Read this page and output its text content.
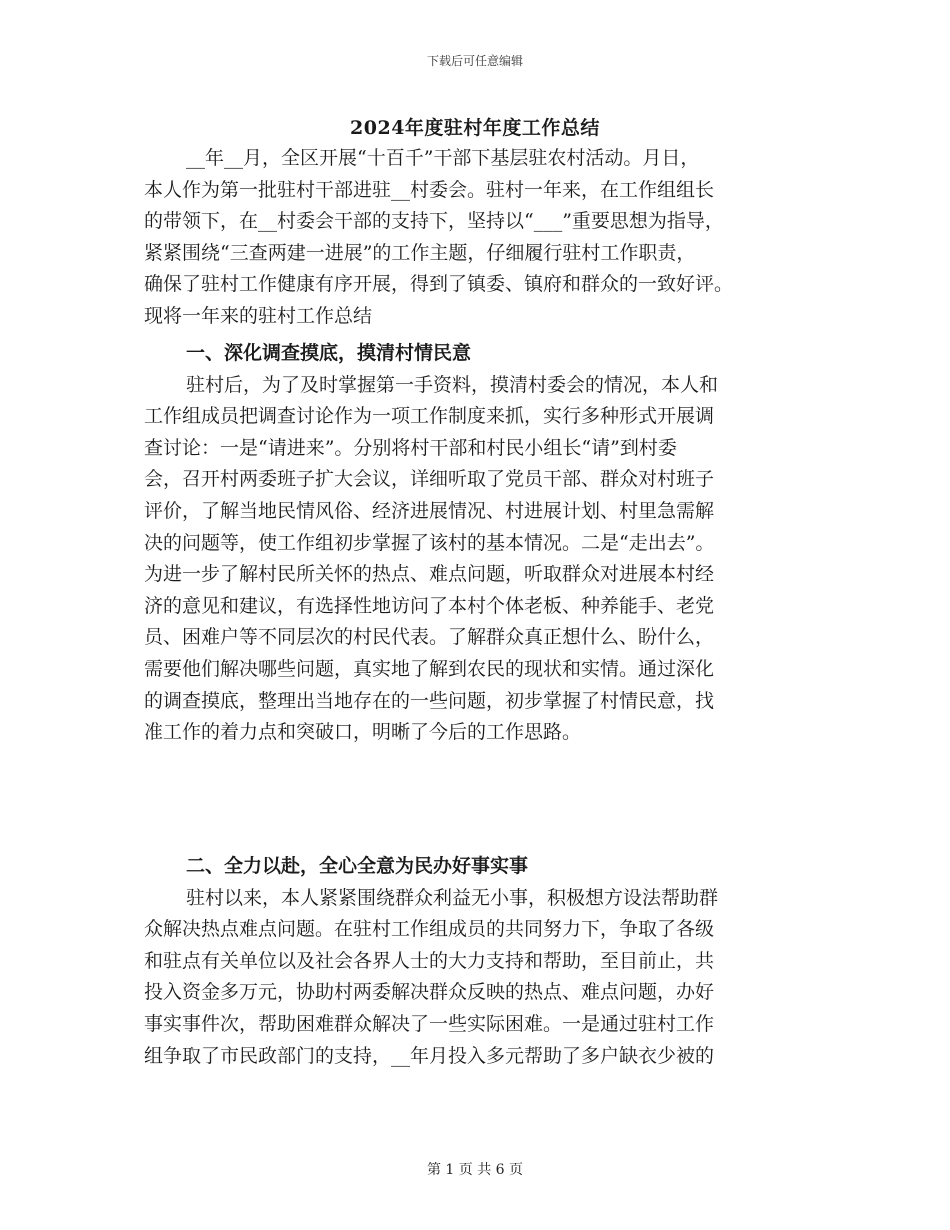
下载后可任意编辑
2024年度驻村年度工作总结
__年__月，全区开展“十百千”干部下基层驻农村活动。月日，
本人作为第一批驻村干部进驻__村委会。驻村一年来，在工作组组长
的带领下，在__村委会干部的支持下，坚持以“___”重要思想为指导，
紧紧围绕“三查两建一进展”的工作主题，仔细履行驻村工作职责，
确保了驻村工作健康有序开展，得到了镇委、镇府和群众的一致好评。
现将一年来的驻村工作总结
一、深化调查摸底，摸清村情民意
驻村后，为了及时掌握第一手资料，摸清村委会的情况，本人和
工作组成员把调查讨论作为一项工作制度来抓，实行多种形式开展调
查讨论：一是“请进来”。分别将村干部和村民小组长“请”到村委
会，召开村两委班子扩大会议，详细听取了党员干部、群众对村班子
评价，了解当地民情风俗、经济进展情况、村进展计划、村里急需解
决的问题等，使工作组初步掌握了该村的基本情况。二是“走出去”。
为进一步了解村民所关怀的热点、难点问题，听取群众对进展本村经
济的意见和建议，有选择性地访问了本村个体老板、种养能手、老党
员、困难户等不同层次的村民代表。了解群众真正想什么、盼什么，
需要他们解决哪些问题，真实地了解到农民的现状和实情。通过深化
的调查摸底，整理出当地存在的一些问题，初步掌握了村情民意，找
准工作的着力点和突破口，明晰了今后的工作思路。
二、全力以赴，全心全意为民办好事实事
驻村以来，本人紧紧围绕群众利益无小事，积极想方设法帮助群
众解决热点难点问题。在驻村工作组成员的共同努力下，争取了各级
和驻点有关单位以及社会各界人士的大力支持和帮助，至目前止，共
投入资金多万元，协助村两委解决群众反映的热点、难点问题，办好
事实事件次，帮助困难群众解决了一些实际困难。一是通过驻村工作
组争取了市民政部门的支持，__年月投入多元帮助了多户缺衣少被的
第 1 页 共 6 页
